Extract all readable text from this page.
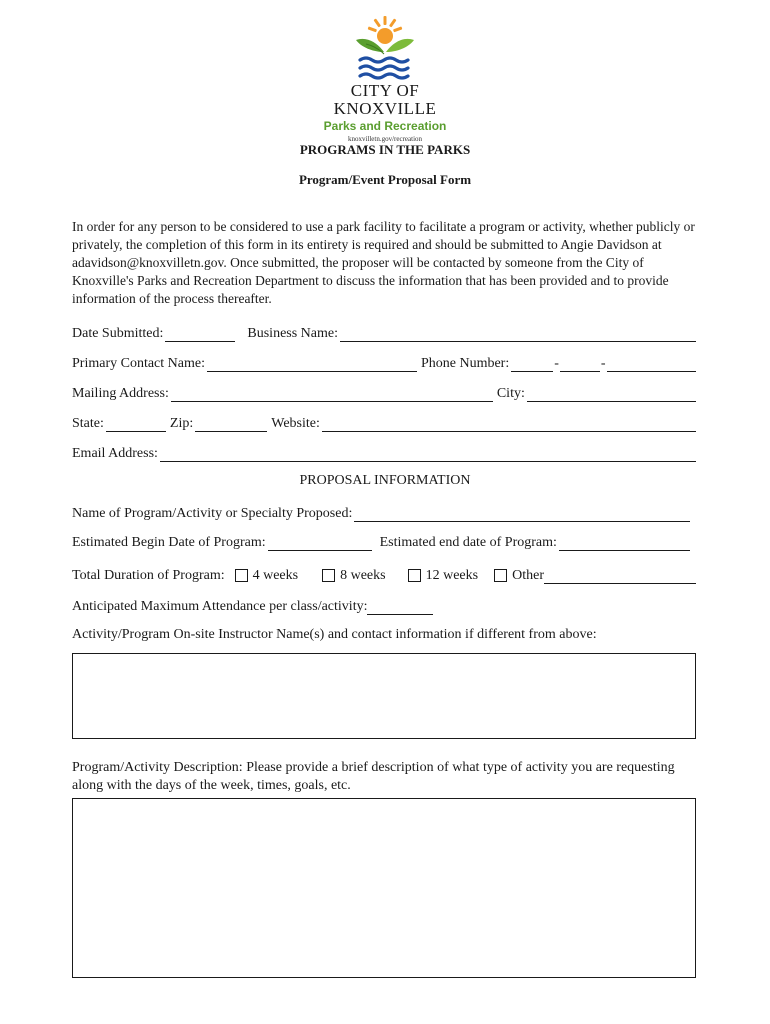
CITY OF KNOXVILLE
Parks and Recreation
knoxvilletn.gov/recreation
PROGRAMS IN THE PARKS
Program/Event Proposal Form
In order for any person to be considered to use a park facility to facilitate a program or activity, whether publicly or privately, the completion of this form in its entirety is required and should be submitted to Angie Davidson at adavidson@knoxvilletn.gov. Once submitted, the proposer will be contacted by someone from the City of Knoxville's Parks and Recreation Department to discuss the information that has been provided and to provide information of the process thereafter.
Date Submitted:	Business Name:
Primary Contact Name:	Phone Number:	-	-
Mailing Address:	City:
State:	Zip:	Website:
Email Address:
PROPOSAL INFORMATION
Name of Program/Activity or Specialty Proposed:
Estimated Begin Date of Program:	Estimated end date of Program:
Total Duration of Program: 4 weeks	8 weeks	12 weeks Other
Anticipated Maximum Attendance per class/activity:
Activity/Program On-site Instructor Name(s) and contact information if different from above:
Program/Activity Description: Please provide a brief description of what type of activity you are requesting along with the days of the week, times, goals, etc.
